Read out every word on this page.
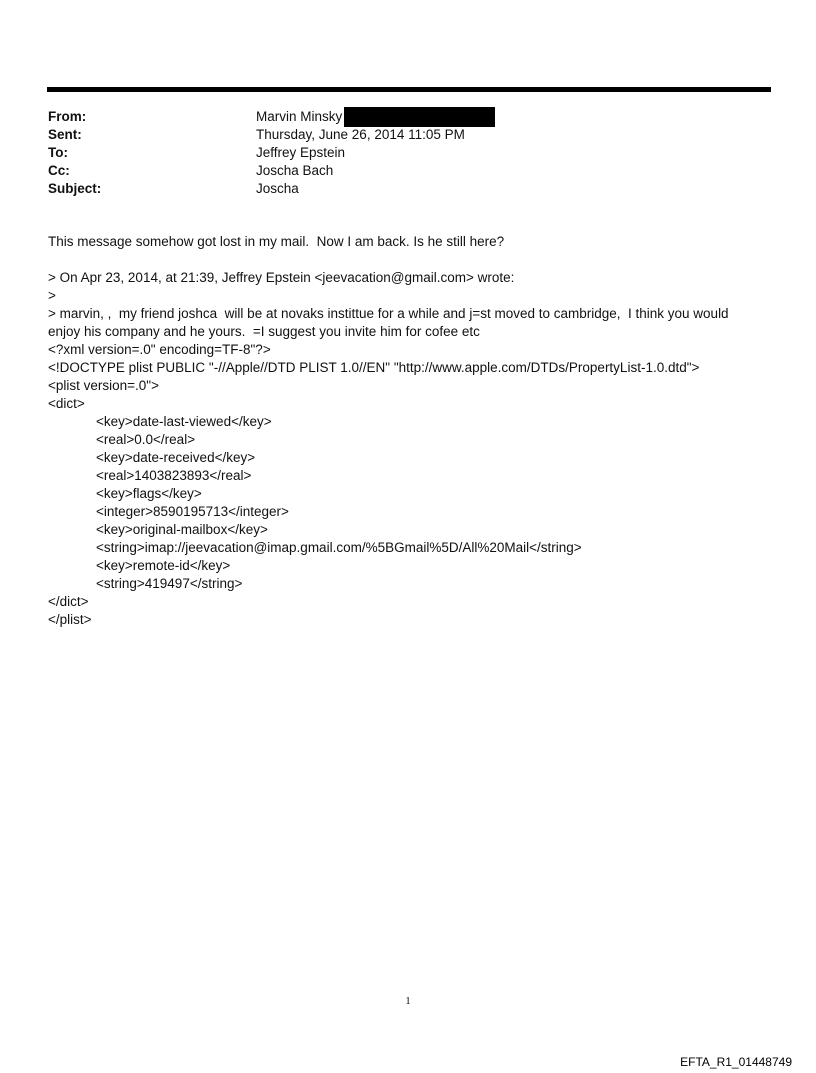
From:	Marvin Minsky
Sent:	Thursday, June 26, 2014 11:05 PM
To:	Jeffrey Epstein
Cc:	Joscha Bach
Subject:	Joscha
This message somehow got lost in my mail.  Now I am back. Is he still here?
> On Apr 23, 2014, at 21:39, Jeffrey Epstein <jeevacation@gmail.com> wrote:
>
> marvin, ,  my friend joshca  will be at novaks instittue for a while and j=st moved to cambridge,  I think you would
enjoy his company and he yours.  =I suggest you invite him for cofee etc
<?xml version=.0" encoding=TF-8"?>
<!DOCTYPE plist PUBLIC "-//Apple//DTD PLIST 1.0//EN" "http://www.apple.com/DTDs/PropertyList-1.0.dtd">
<plist version=.0">
<dict>
<key>date-last-viewed</key>
<real>0.0</real>
<key>date-received</key>
<real>1403823893</real>
<key>flags</key>
<integer>8590195713</integer>
<key>original-mailbox</key>
<string>imap://jeevacation@imap.gmail.com/%5BGmail%5D/All%20Mail</string>
<key>remote-id</key>
<string>419497</string>
</dict>
</plist>
1
EFTA_R1_01448749
